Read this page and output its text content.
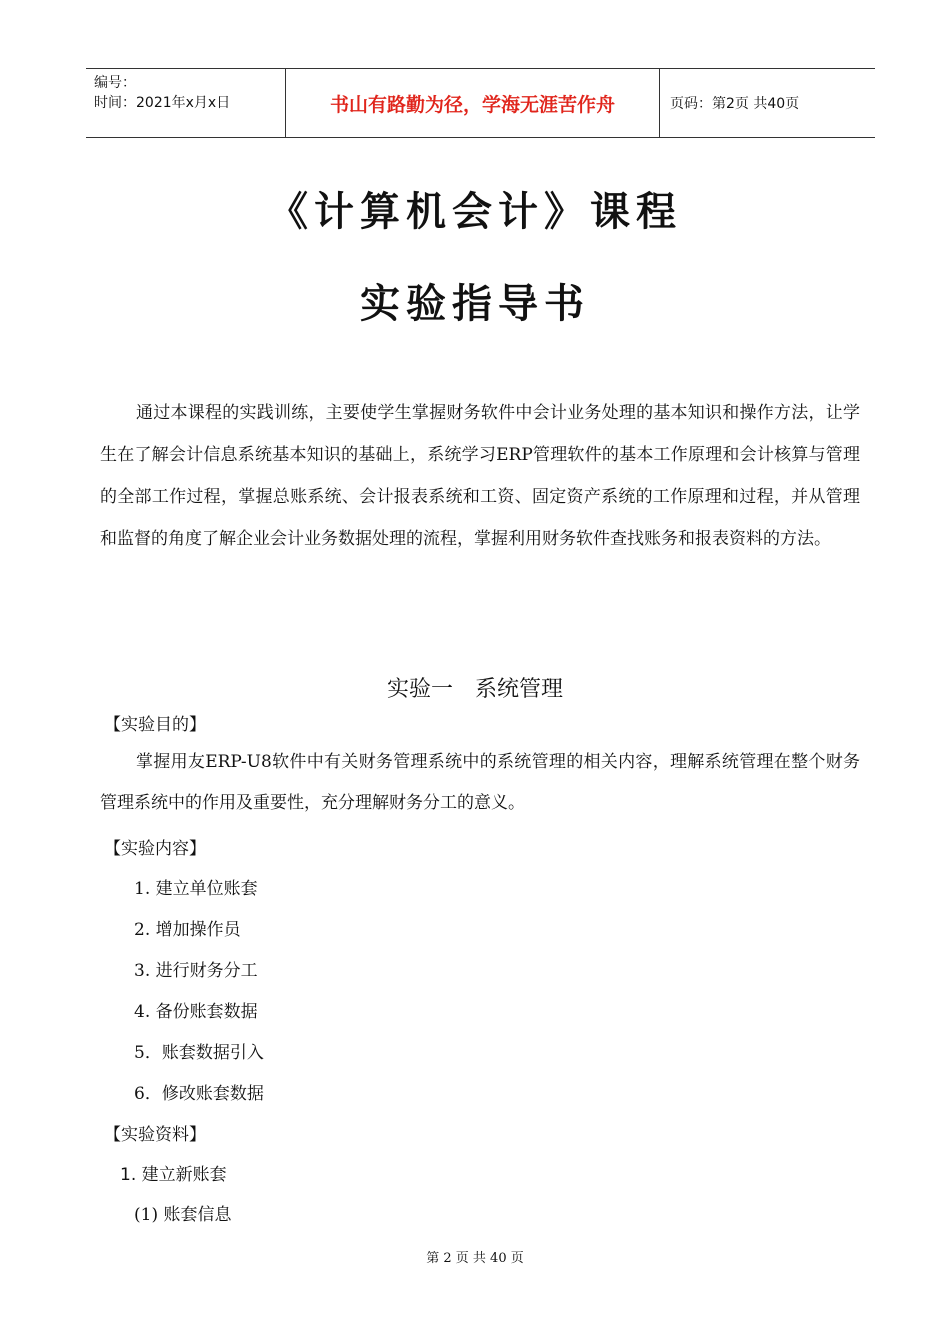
编号：
时间：2021年x月x日	书山有路勤为径，学海无涯苦作舟	页码：第2页 共40页
《计算机会计》课程
实验指导书
通过本课程的实践训练，主要使学生掌握财务软件中会计业务处理的基本知识和操作方法，让学生在了解会计信息系统基本知识的基础上，系统学习ERP管理软件的基本工作原理和会计核算与管理的全部工作过程，掌握总账系统、会计报表系统和工资、固定资产系统的工作原理和过程，并从管理和监督的角度了解企业会计业务数据处理的流程，掌握利用财务软件查找账务和报表资料的方法。
实验一　系统管理
【实验目的】
掌握用友ERP-U8软件中有关财务管理系统中的系统管理的相关内容，理解系统管理在整个财务管理系统中的作用及重要性，充分理解财务分工的意义。
【实验内容】
1. 建立单位账套
2. 增加操作员
3. 进行财务分工
4. 备份账套数据
5．账套数据引入
6．修改账套数据
【实验资料】
1. 建立新账套
(1) 账套信息
第 2 页 共 40 页
